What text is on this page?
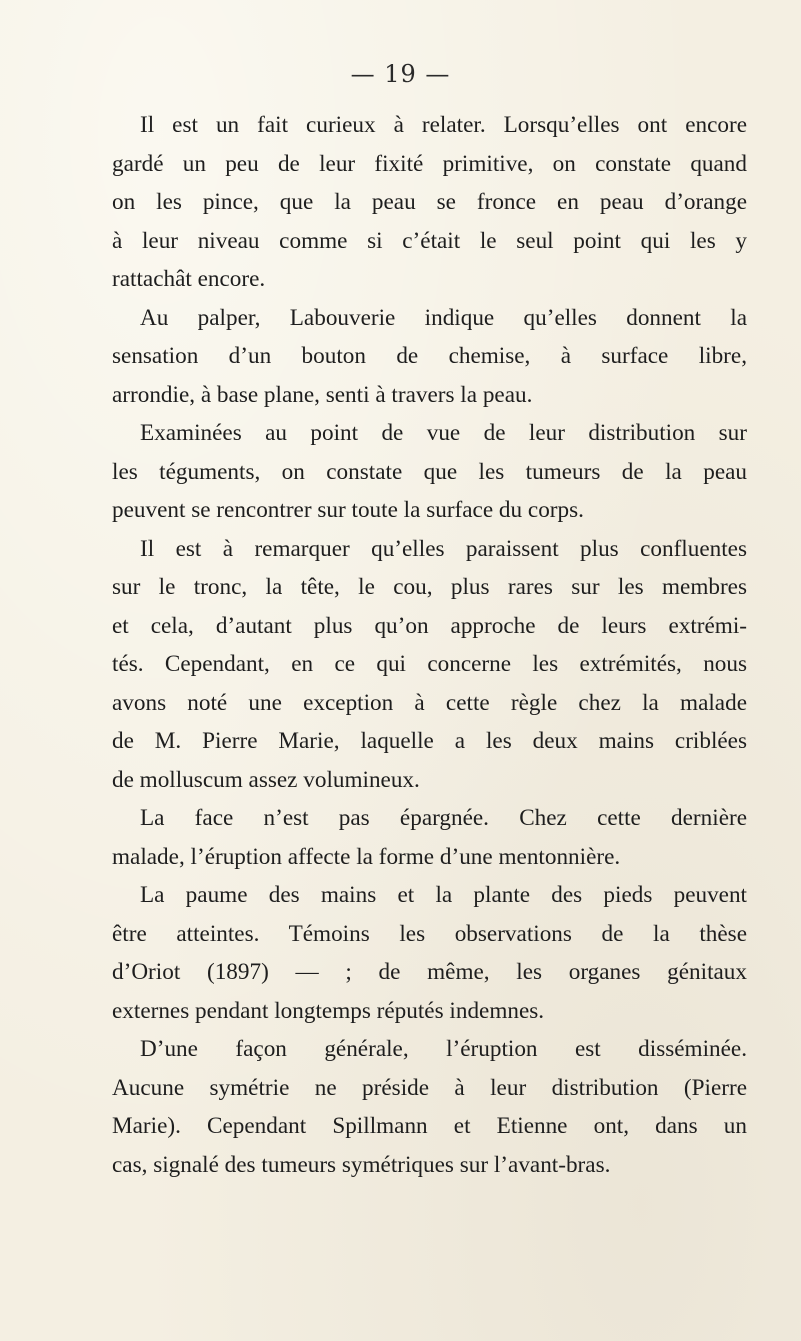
— 19 —
Il est un fait curieux à relater. Lorsqu’elles ont encore
gardé un peu de leur fixité primitive, on constate quand
on les pince, que la peau se fronce en peau d’orange
à leur niveau comme si c’était le seul point qui les y
rattachât encore.
Au palper, Labouverie indique qu’elles donnent la
sensation d’un bouton de chemise, à surface libre,
arrondie, à base plane, senti à travers la peau.
Examinées au point de vue de leur distribution sur
les téguments, on constate que les tumeurs de la peau
peuvent se rencontrer sur toute la surface du corps.
Il est à remarquer qu’elles paraissent plus confluentes
sur le tronc, la tête, le cou, plus rares sur les membres
et cela, d’autant plus qu’on approche de leurs extrémi-
tés. Cependant, en ce qui concerne les extrémités, nous
avons noté une exception à cette règle chez la malade
de M. Pierre Marie, laquelle a les deux mains criblées
de molluscum assez volumineux.
La face n’est pas épargnée. Chez cette dernière
malade, l’éruption affecte la forme d’une mentonnière.
La paume des mains et la plante des pieds peuvent
être atteintes. Témoins les observations de la thèse
d’Oriot (1897) — ; de même, les organes génitaux
externes pendant longtemps réputés indemnes.
D’une façon générale, l’éruption est disséminée.
Aucune symétrie ne préside à leur distribution (Pierre
Marie). Cependant Spillmann et Etienne ont, dans un
cas, signalé des tumeurs symétriques sur l’avant-bras.
